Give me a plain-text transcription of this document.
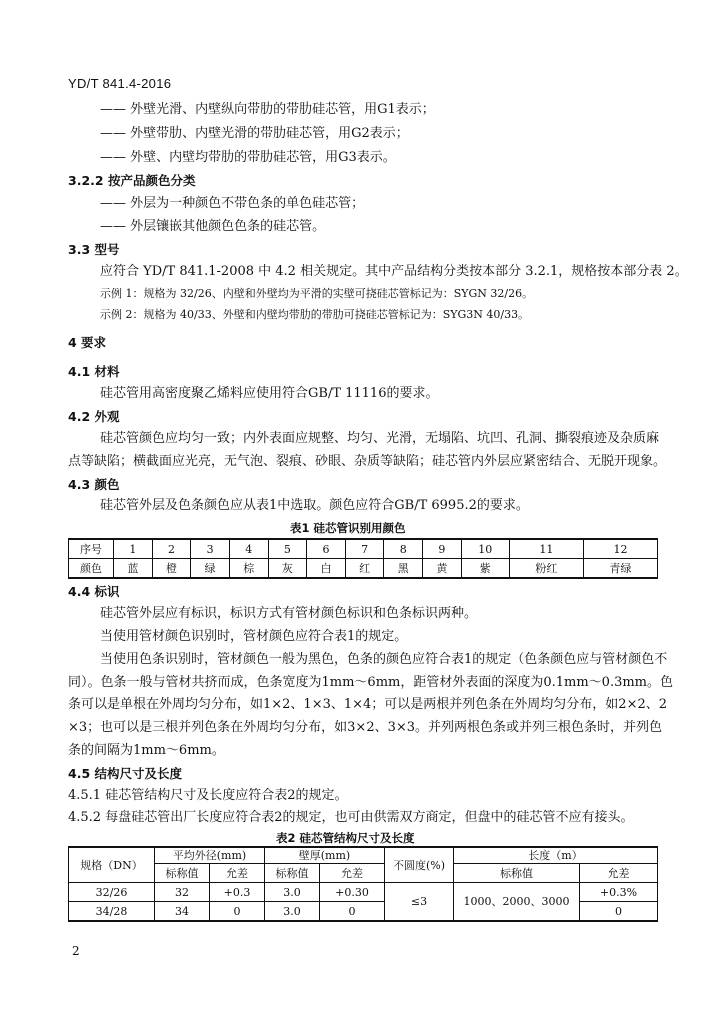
YD/T 841.4-2016
—— 外壁光滑、内壁纵向带肋的带肋硅芯管，用G1表示；
—— 外壁带肋、内壁光滑的带肋硅芯管，用G2表示；
—— 外壁、内壁均带肋的带肋硅芯管，用G3表示。
3.2.2 按产品颜色分类
—— 外层为一种颜色不带色条的单色硅芯管；
—— 外层镶嵌其他颜色色条的硅芯管。
3.3 型号
应符合 YD/T 841.1-2008 中 4.2 相关规定。其中产品结构分类按本部分 3.2.1，规格按本部分表 2。
示例 1：规格为 32/26、内壁和外壁均为平滑的实壁可挠硅芯管标记为：SYGN 32/26。
示例 2：规格为 40/33、外壁和内壁均带肋的带肋可挠硅芯管标记为：SYG3N 40/33。
4 要求
4.1 材料
硅芯管用高密度聚乙烯料应使用符合GB/T 11116的要求。
4.2 外观
硅芯管颜色应均匀一致；内外表面应规整、均匀、光滑，无塌陷、坑凹、孔洞、撕裂痕迹及杂质麻
点等缺陷；横截面应光亮，无气泡、裂痕、砂眼、杂质等缺陷；硅芯管内外层应紧密结合、无脱开现象。
4.3 颜色
硅芯管外层及色条颜色应从表1中选取。颜色应符合GB/T 6995.2的要求。
表1 硅芯管识别用颜色
序号	1	2	3	4	5	6	7	8	9	10	11	12
颜色	蓝	橙	绿	棕	灰	白	红	黑	黄	紫	粉红	青绿
4.4 标识
硅芯管外层应有标识，标识方式有管材颜色标识和色条标识两种。
当使用管材颜色识别时，管材颜色应符合表1的规定。
当使用色条识别时，管材颜色一般为黑色，色条的颜色应符合表1的规定（色条颜色应与管材颜色不
同）。色条一般与管材共挤而成，色条宽度为1mm～6mm，距管材外表面的深度为0.1mm～0.3mm。色
条可以是单根在外周均匀分布，如1×2、1×3、1×4；可以是两根并列色条在外周均匀分布，如2×2、2
×3；也可以是三根并列色条在外周均匀分布，如3×2、3×3。并列两根色条或并列三根色条时，并列色
条的间隔为1mm～6mm。
4.5 结构尺寸及长度
4.5.1 硅芯管结构尺寸及长度应符合表2的规定。
4.5.2 每盘硅芯管出厂长度应符合表2的规定，也可由供需双方商定，但盘中的硅芯管不应有接头。
表2 硅芯管结构尺寸及长度
规格（DN）	平均外径(mm)		壁厚(mm)		不圆度(%)	长度（m）	
	标称值	允差	标称值	允差		标称值	允差
32/26	32	+0.3	3.0	+0.30	≤3	1000、2000、3000	+0.3%
34/28	34	0	3.0	0			0
2
